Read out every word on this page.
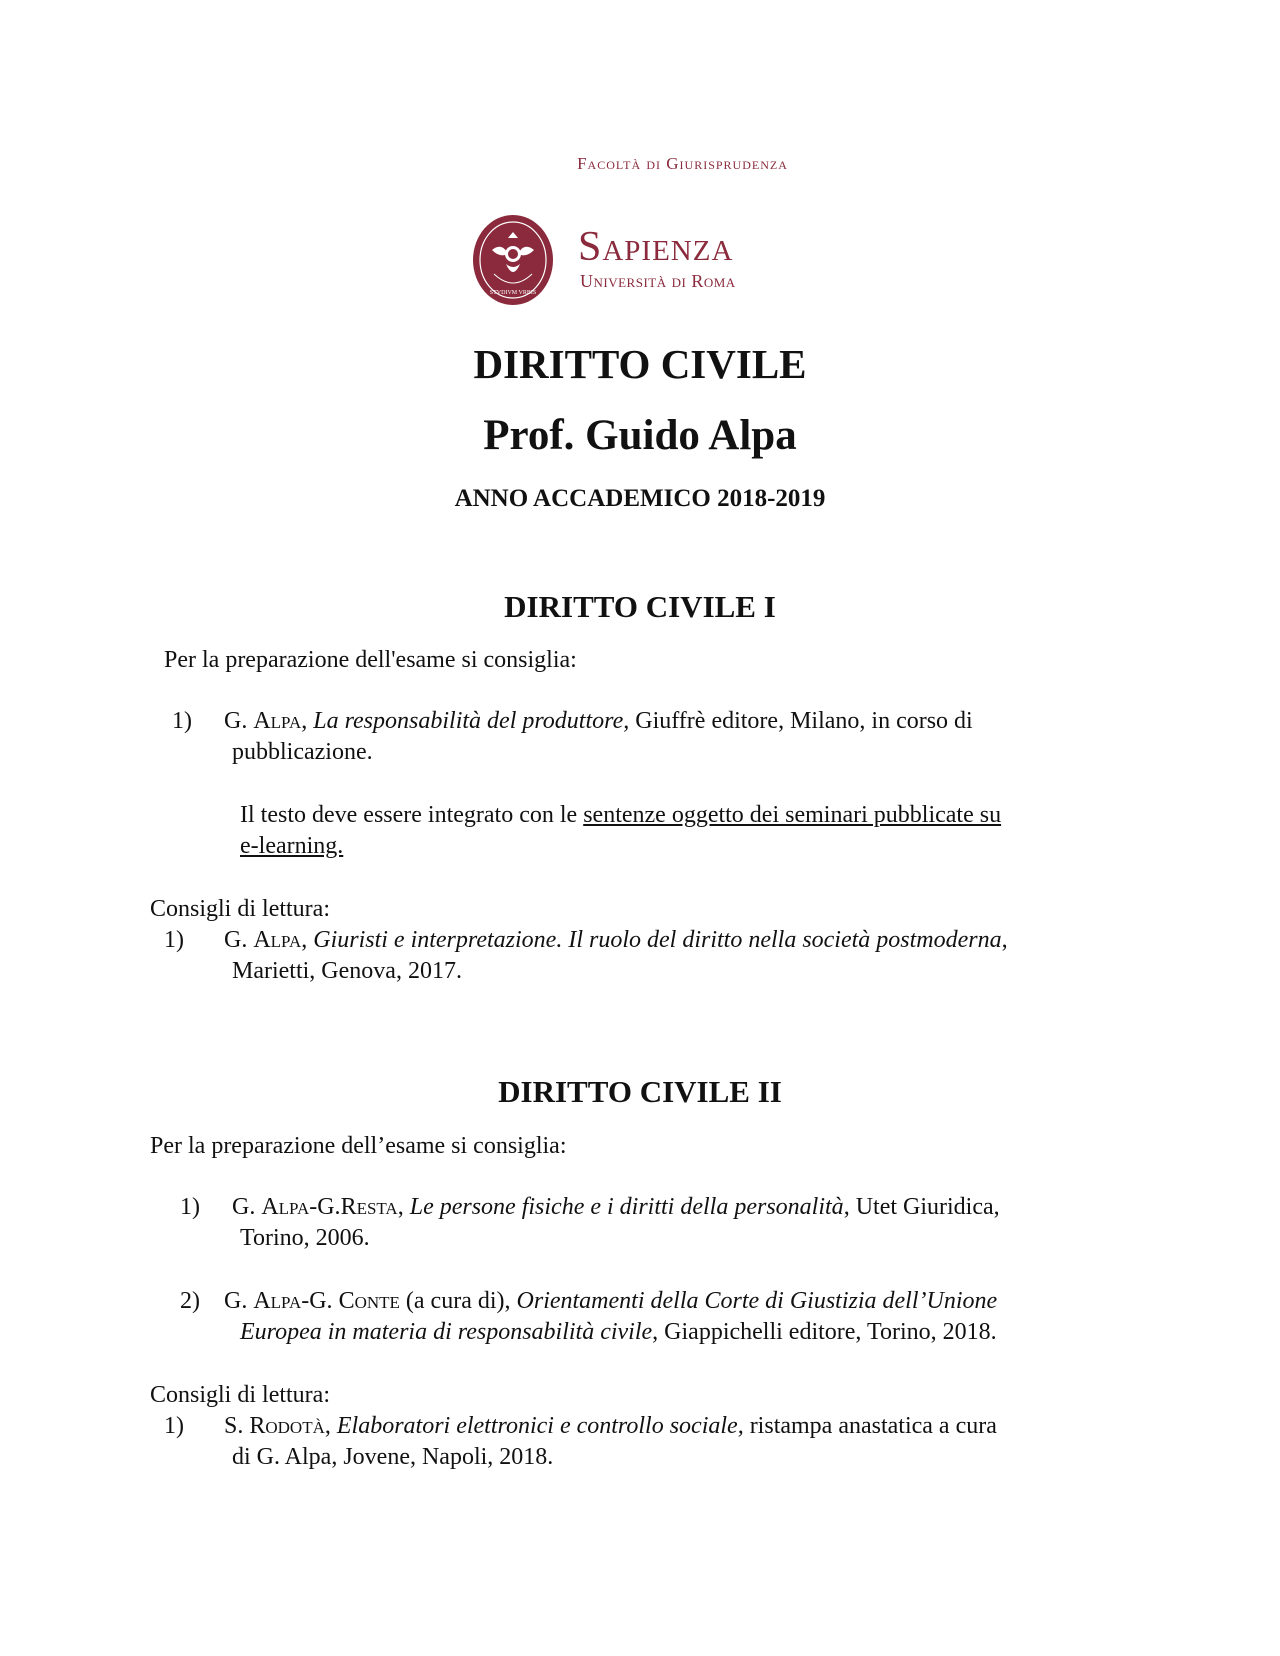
Facoltà di Giurisprudenza
STVDIVM VRBIS
Sapienza
Università di Roma
DIRITTO CIVILE
Prof. Guido Alpa
ANNO ACCADEMICO 2018-2019
DIRITTO CIVILE I
Per la preparazione dell'esame si consiglia:
1) G. Alpa, La responsabilità del produttore, Giuffrè editore, Milano, in corso di
pubblicazione.
Il testo deve essere integrato con le sentenze oggetto dei seminari pubblicate su
e-learning.
Consigli di lettura:
1) G. Alpa, Giuristi e interpretazione. Il ruolo del diritto nella società postmoderna,
Marietti, Genova, 2017.
DIRITTO CIVILE II
Per la preparazione dell’esame si consiglia:
1) G. Alpa-G.Resta, Le persone fisiche e i diritti della personalità, Utet Giuridica,
Torino, 2006.
2) G. Alpa-G. Conte (a cura di), Orientamenti della Corte di Giustizia dell’Unione
Europea in materia di responsabilità civile, Giappichelli editore, Torino, 2018.
Consigli di lettura:
1) S. Rodotà, Elaboratori elettronici e controllo sociale, ristampa anastatica a cura
di G. Alpa, Jovene, Napoli, 2018.
